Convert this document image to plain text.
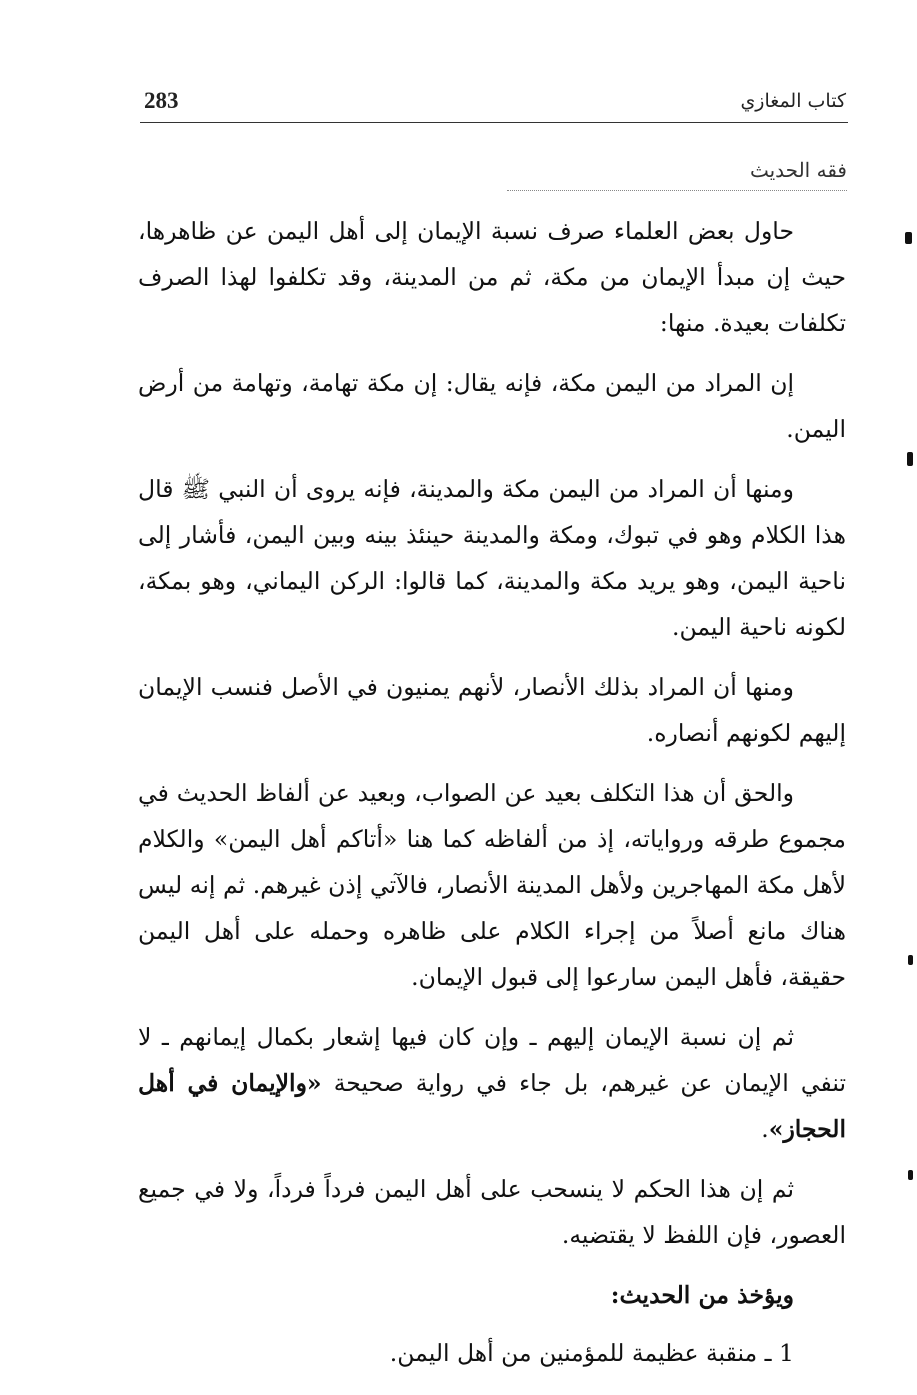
283	كتاب المغازي
فقه الحديث

حاول بعض العلماء صرف نسبة الإيمان إلى أهل اليمن عن ظاهرها، حيث إن مبدأ الإيمان من مكة، ثم من المدينة، وقد تكلفوا لهذا الصرف تكلفات بعيدة. منها:

إن المراد من اليمن مكة، فإنه يقال: إن مكة تهامة، وتهامة من أرض اليمن.

ومنها أن المراد من اليمن مكة والمدينة، فإنه يروى أن النبي ﷺ قال هذا الكلام وهو في تبوك، ومكة والمدينة حينئذ بينه وبين اليمن، فأشار إلى ناحية اليمن، وهو يريد مكة والمدينة، كما قالوا: الركن اليماني، وهو بمكة، لكونه ناحية اليمن.

ومنها أن المراد بذلك الأنصار، لأنهم يمنيون في الأصل فنسب الإيمان إليهم لكونهم أنصاره.

والحق أن هذا التكلف بعيد عن الصواب، وبعيد عن ألفاظ الحديث في مجموع طرقه ورواياته، إذ من ألفاظه كما هنا «أتاكم أهل اليمن» والكلام لأهل مكة المهاجرين ولأهل المدينة الأنصار، فالآتي إذن غيرهم. ثم إنه ليس هناك مانع أصلاً من إجراء الكلام على ظاهره وحمله على أهل اليمن حقيقة، فأهل اليمن سارعوا إلى قبول الإيمان.

ثم إن نسبة الإيمان إليهم ـ وإن كان فيها إشعار بكمال إيمانهم ـ لا تنفي الإيمان عن غيرهم، بل جاء في رواية صحيحة «والإيمان في أهل الحجاز».

ثم إن هذا الحكم لا ينسحب على أهل اليمن فرداً فرداً، ولا في جميع العصور، فإن اللفظ لا يقتضيه.

ويؤخذ من الحديث:

1 ـ منقبة عظيمة للمؤمنين من أهل اليمن.
